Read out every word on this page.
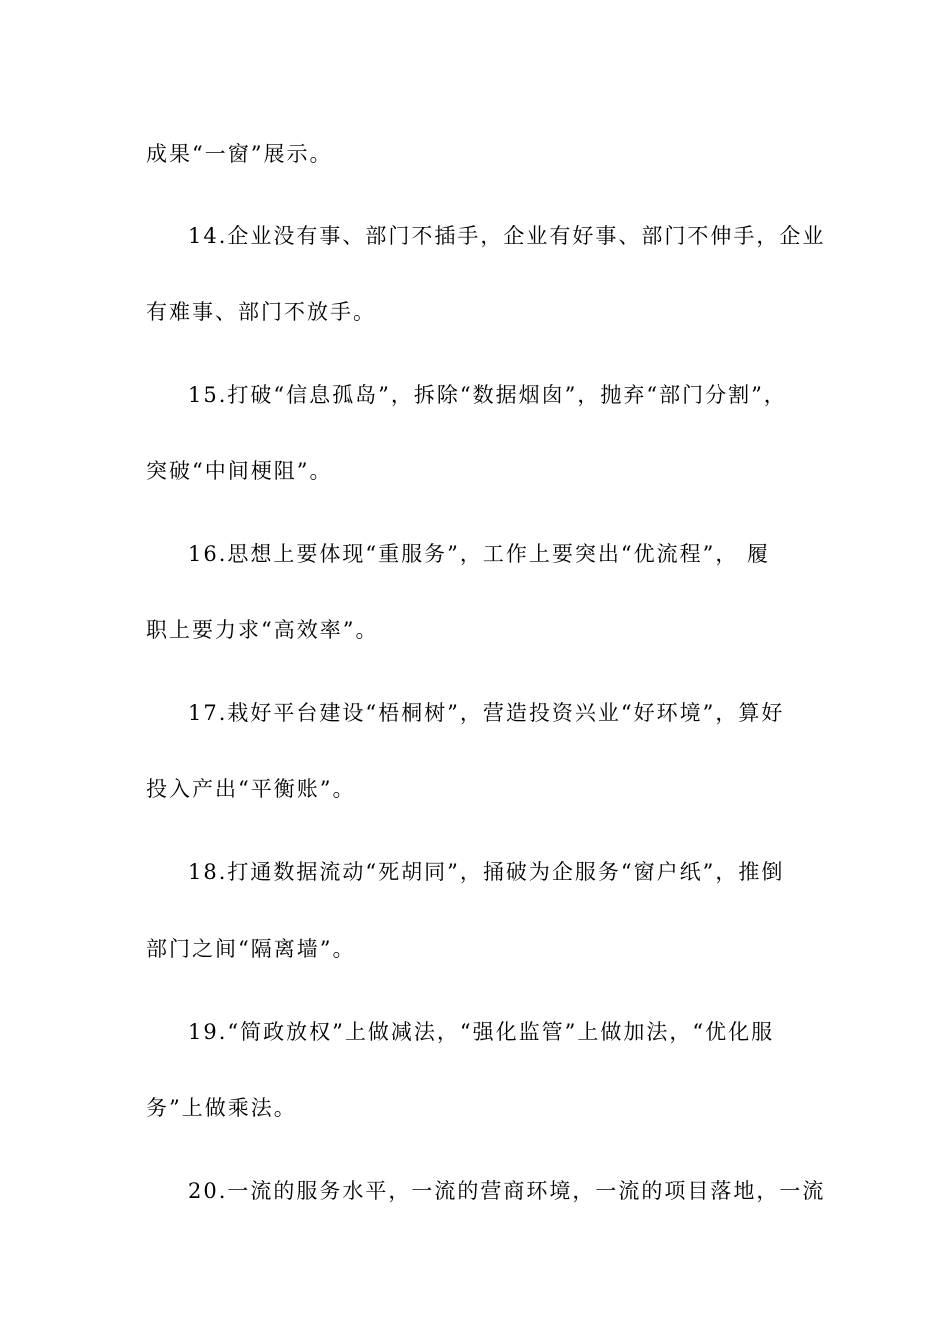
成果“一窗”展示。
14.企业没有事、部门不插手，企业有好事、部门不伸手，企业
有难事、部门不放手。
15.打破“信息孤岛”，拆除“数据烟囱”，抛弃“部门分割”，
突破“中间梗阻”。
16.思想上要体现“重服务”，工作上要突出“优流程”， 履
职上要力求“高效率”。
17.栽好平台建设“梧桐树”，营造投资兴业“好环境”，算好
投入产出“平衡账”。
18.打通数据流动“死胡同”，捅破为企服务“窗户纸”，推倒
部门之间“隔离墙”。
19.“简政放权”上做减法，“强化监管”上做加法，“优化服
务”上做乘法。
20.一流的服务水平，一流的营商环境，一流的项目落地，一流
